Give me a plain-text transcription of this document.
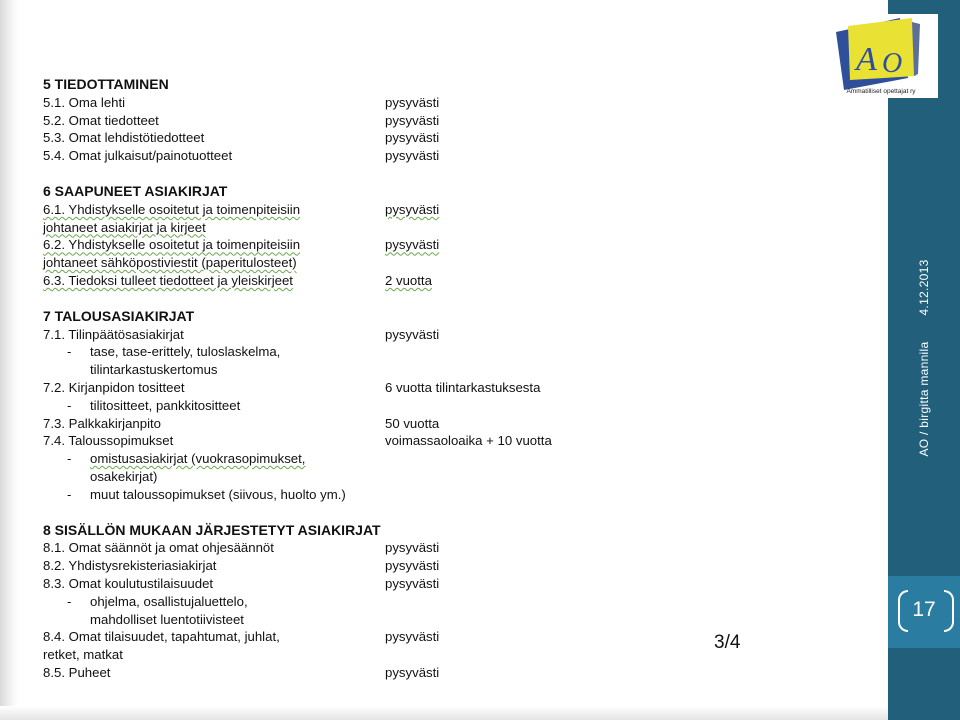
17
AO / birgitta mannila4.12.2013
A O
Ammatilliset opettajat ry
5 TIEDOTTAMINEN
5.1. Oma lehti	pysyvästi
5.2. Omat tiedotteet	pysyvästi
5.3. Omat lehdistötiedotteet	pysyvästi
5.4. Omat julkaisut/painotuotteet	pysyvästi
6 SAAPUNEET ASIAKIRJAT
6.1. Yhdistykselle osoitetut ja toimenpiteisiin	pysyvästi
johtaneet asiakirjat ja kirjeet
6.2. Yhdistykselle osoitetut ja toimenpiteisiin	pysyvästi
johtaneet sähköpostiviestit (paperitulosteet)
6.3. Tiedoksi tulleet tiedotteet ja yleiskirjeet	2 vuotta
7 TALOUSASIAKIRJAT
7.1. Tilinpäätösasiakirjat	pysyvästi
- tase, tase-erittely, tuloslaskelma,
tilintarkastuskertomus
7.2. Kirjanpidon tositteet	6 vuotta tilintarkastuksesta
- tilitositteet, pankkitositteet
7.3. Palkkakirjanpito	50 vuotta
7.4. Taloussopimukset	voimassaoloaika + 10 vuotta
- omistusasiakirjat (vuokrasopimukset,
osakekirjat)
- muut taloussopimukset (siivous, huolto ym.)
8 SISÄLLÖN MUKAAN JÄRJESTETYT ASIAKIRJAT
8.1. Omat säännöt ja omat ohjesäännöt	pysyvästi
8.2. Yhdistysrekisteriasiakirjat	pysyvästi
8.3. Omat koulutustilaisuudet	pysyvästi
- ohjelma, osallistujaluettelo,
mahdolliset luentotiivisteet
8.4. Omat tilaisuudet, tapahtumat, juhlat,	pysyvästi
retket, matkat
8.5. Puheet	pysyvästi
3/4
